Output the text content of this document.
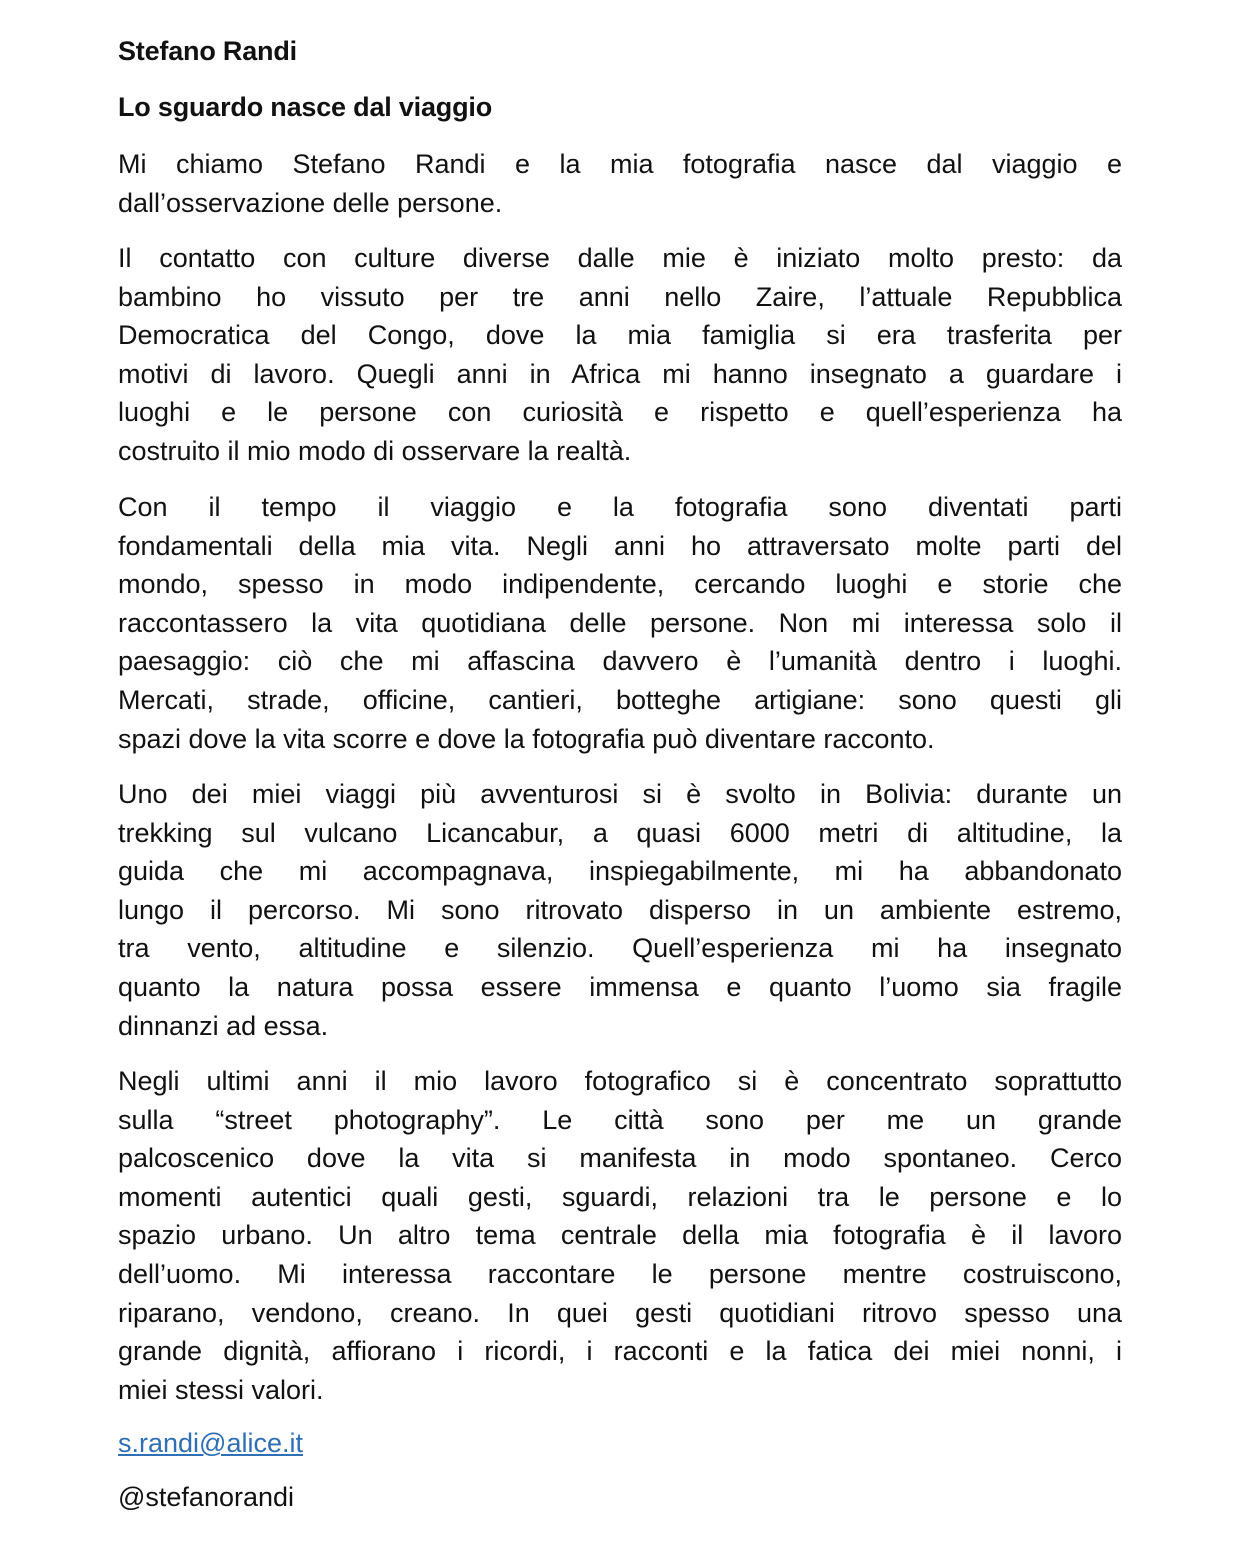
Stefano Randi
Lo sguardo nasce dal viaggio
Mi chiamo Stefano Randi e la mia fotografia nasce dal viaggio e
dall’osservazione delle persone.
Il contatto con culture diverse dalle mie è iniziato molto presto: da
bambino ho vissuto per tre anni nello Zaire, l’attuale Repubblica
Democratica del Congo, dove la mia famiglia si era trasferita per
motivi di lavoro. Quegli anni in Africa mi hanno insegnato a guardare i
luoghi e le persone con curiosità e rispetto e quell’esperienza ha
costruito il mio modo di osservare la realtà.
Con il tempo il viaggio e la fotografia sono diventati parti
fondamentali della mia vita. Negli anni ho attraversato molte parti del
mondo, spesso in modo indipendente, cercando luoghi e storie che
raccontassero la vita quotidiana delle persone. Non mi interessa solo il
paesaggio: ciò che mi affascina davvero è l’umanità dentro i luoghi.
Mercati, strade, officine, cantieri, botteghe artigiane: sono questi gli
spazi dove la vita scorre e dove la fotografia può diventare racconto.
Uno dei miei viaggi più avventurosi si è svolto in Bolivia: durante un
trekking sul vulcano Licancabur, a quasi 6000 metri di altitudine, la
guida che mi accompagnava, inspiegabilmente, mi ha abbandonato
lungo il percorso. Mi sono ritrovato disperso in un ambiente estremo,
tra vento, altitudine e silenzio. Quell’esperienza mi ha insegnato
quanto la natura possa essere immensa e quanto l’uomo sia fragile
dinnanzi ad essa.
Negli ultimi anni il mio lavoro fotografico si è concentrato soprattutto
sulla “street photography”. Le città sono per me un grande
palcoscenico dove la vita si manifesta in modo spontaneo. Cerco
momenti autentici quali gesti, sguardi, relazioni tra le persone e lo
spazio urbano. Un altro tema centrale della mia fotografia è il lavoro
dell’uomo. Mi interessa raccontare le persone mentre costruiscono,
riparano, vendono, creano. In quei gesti quotidiani ritrovo spesso una
grande dignità, affiorano i ricordi, i racconti e la fatica dei miei nonni, i
miei stessi valori.
s.randi@alice.it
@stefanorandi
